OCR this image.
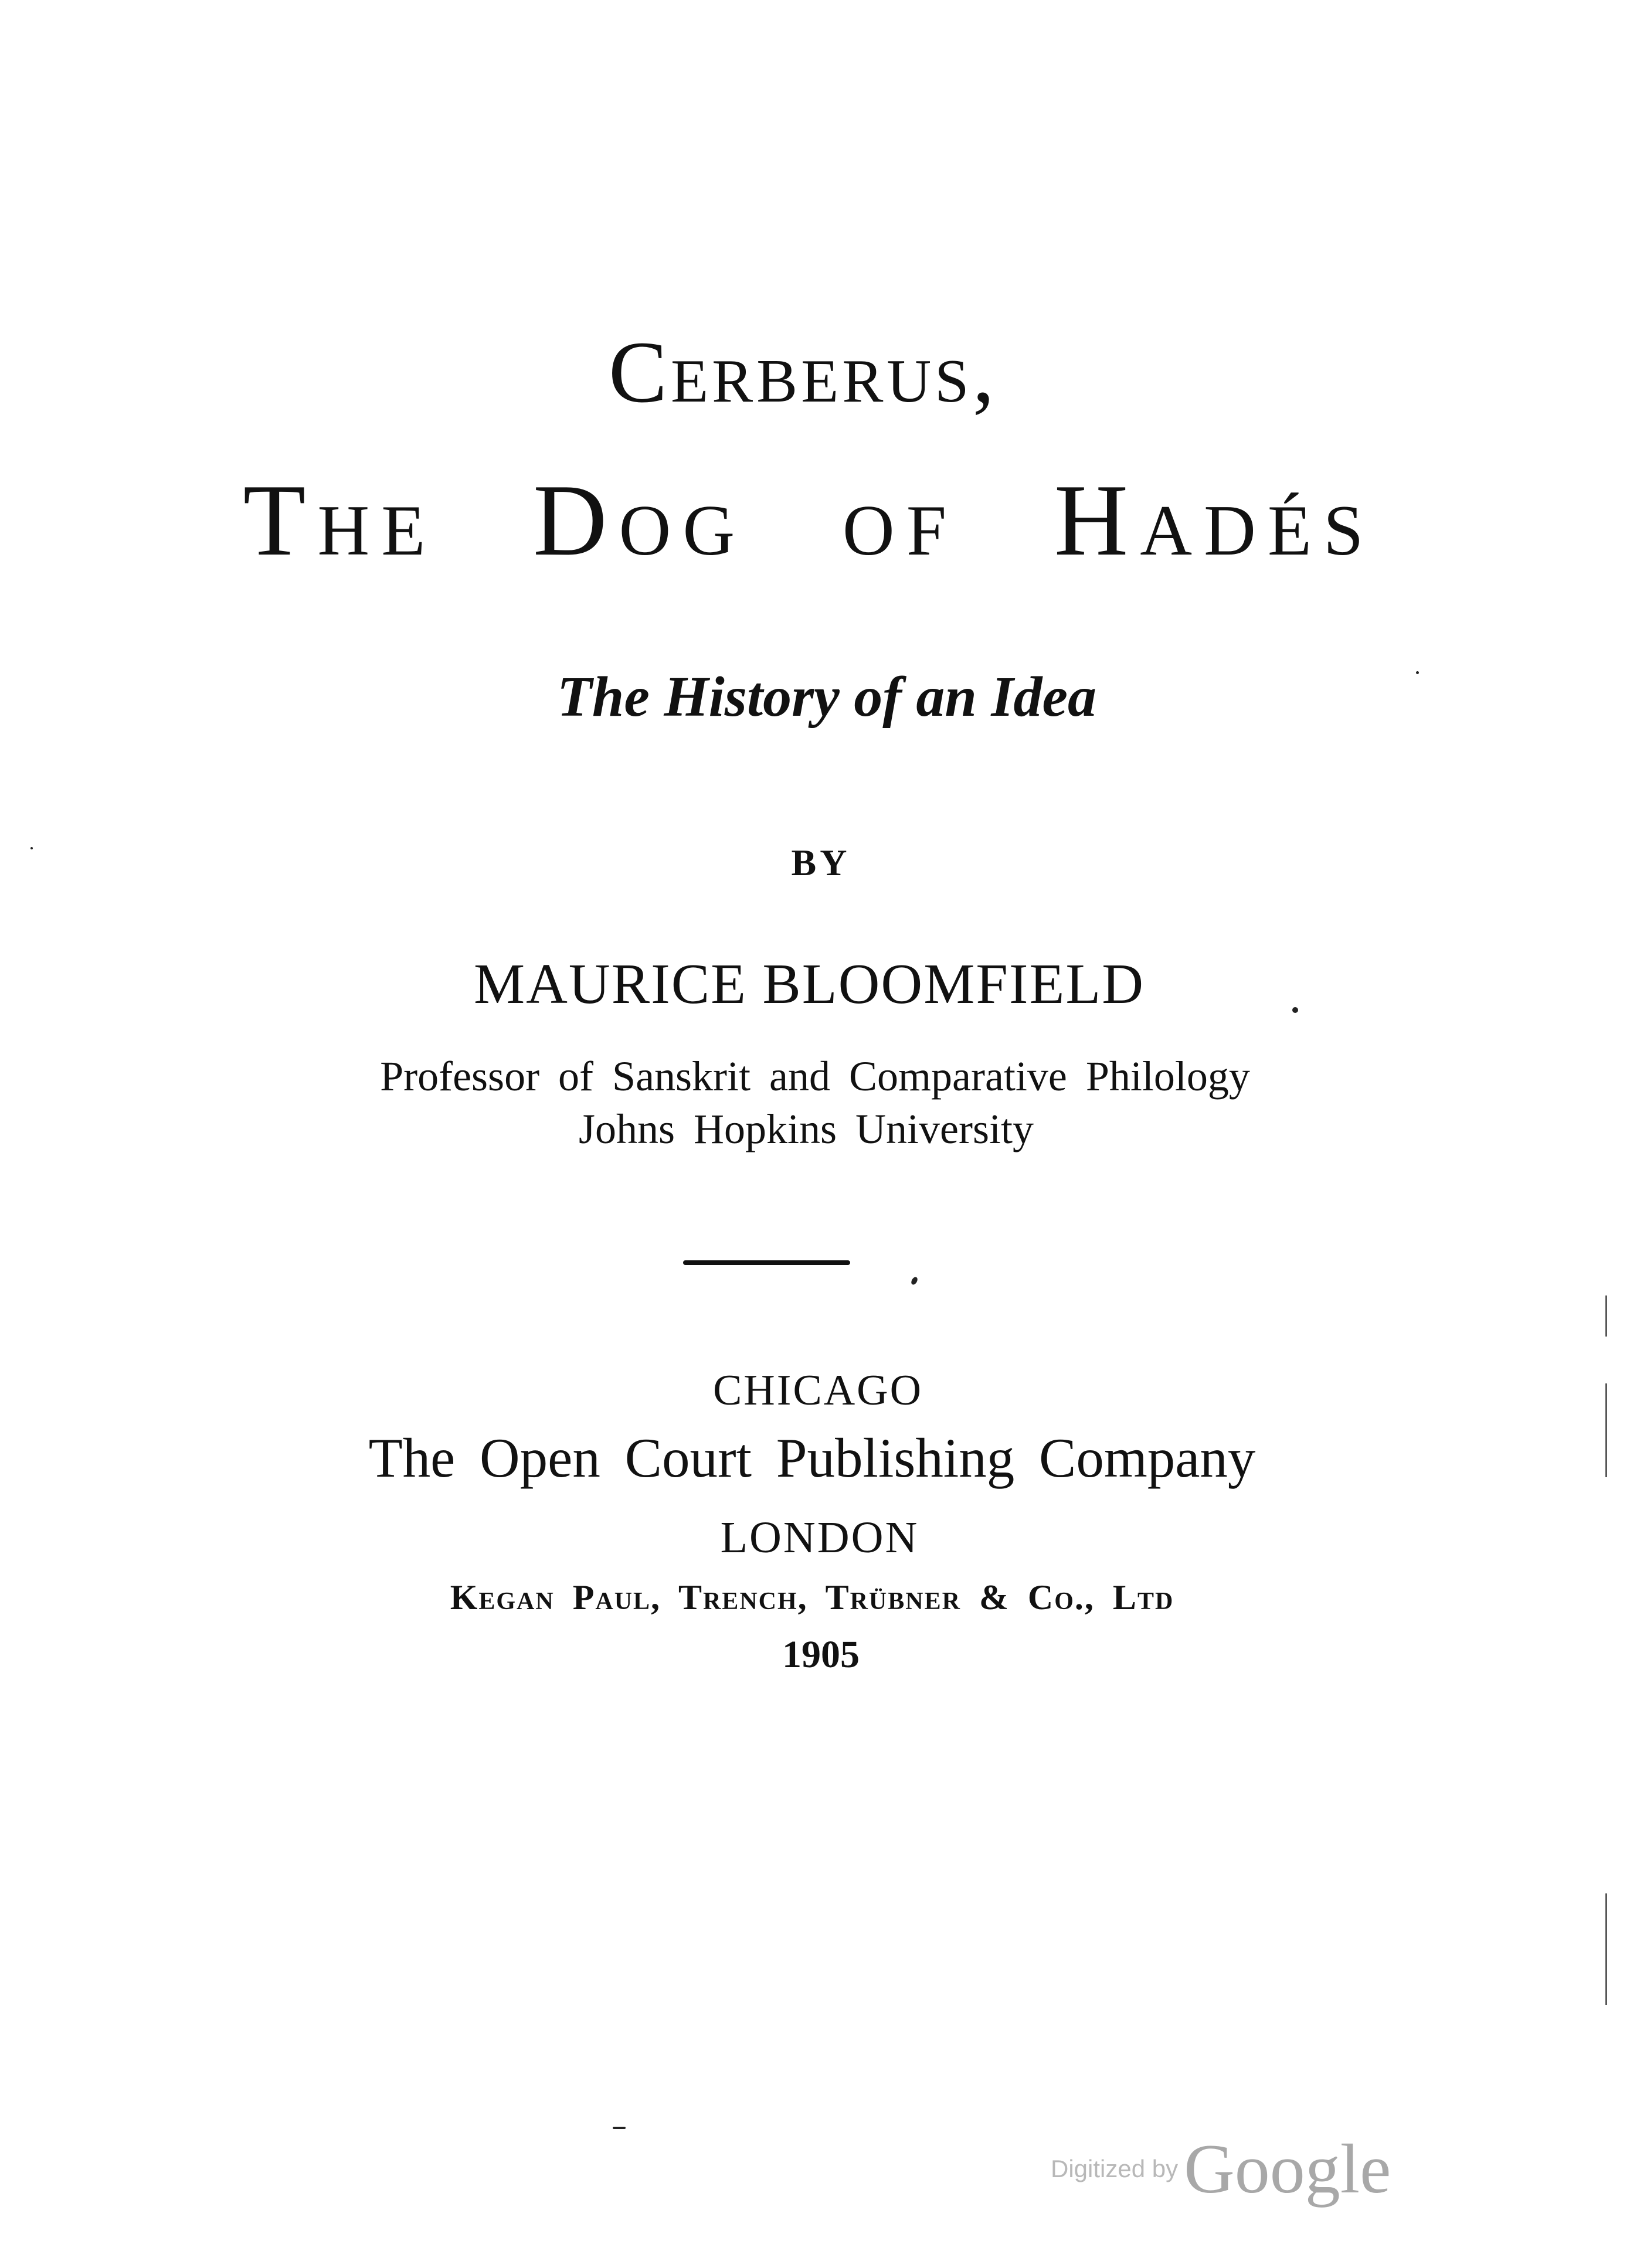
Cerberus,
The Dog of Hadés
The History of an Idea
BY
MAURICE BLOOMFIELD
Professor of Sanskrit and Comparative Philology
Johns Hopkins University
CHICAGO
The Open Court Publishing Company
LONDON
Kegan Paul, Trench, Trübner & Co., Ltd
1905
Digitized by Google
